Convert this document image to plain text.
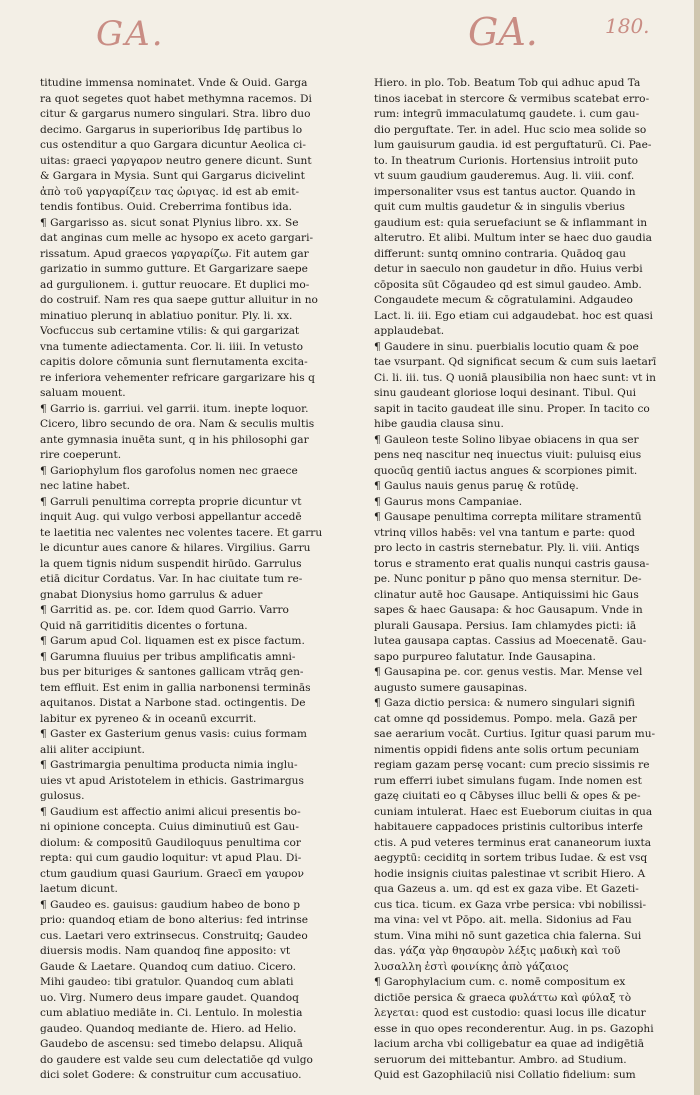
GA.	GA.	180.
titudine immensa nominatet. Vnde & Ouid. Garga
ra quot segetes quot habet methymna racemos. Di
citur & gargarus numero singulari. Stra. libro duo
decimo. Gargarus in superioribus Idę partibus lo
cus ostenditur a quo Gargara dicuntur Aeolica ci-
uitas: graeci γαργαρον neutro genere dicunt. Sunt
& Gargara in Mysia. Sunt qui Gargarus dicivelint
ἀπὸ τοῦ γαργαρίζειν τας ὠριγας. id est ab emit-
tendis fontibus. Ouid. Creberrima fontibus ida.
¶ Gargarisso as. sicut sonat Plynius libro. xx. Se
dat anginas cum melle ac hysopo ex aceto gargari-
rissatum. Apud graecos γαργαρίζω. Fit autem gar
garizatio in summo gutture. Et Gargarizare saepe
ad gurgulionem. i. guttur reuocare. Et duplici mo-
do costruif. Nam res qua saepe guttur alluitur in no
minatiuo plerunq in ablatiuo ponitur. Ply. li. xx.
Vocfuccus sub certamine vtilis: & qui gargarizat
vna tumente adiectamenta. Cor. li. iiii. In vetusto
capitis dolore cōmunia sunt flernutamenta excita-
re inferiora vehementer refricare gargarizare his q
saluam mouent.
¶ Garrio is. garriui. vel garrii. itum. inepte loquor.
Cicero, libro secundo de ora. Nam & seculis multis
ante gymnasia inuēta sunt, q in his philosophi gar
rire coeperunt.
¶ Gariophylum flos garofolus nomen nec graece
nec latine habet.
¶ Garruli penultima correpta proprie dicuntur vt
inquit Aug. qui vulgo verbosi appellantur accedē
te laetitia nec valentes nec volentes tacere. Et garru
le dicuntur aues canore & hilares. Virgilius. Garru
la quem tignis nidum suspendit hirūdo. Garrulus
etiā dicitur Cordatus. Var. In hac ciuitate tum re-
gnabat Dionysius homo garrulus & aduer
¶ Garritid as. pe. cor. Idem quod Garrio. Varro
Quid nā garritiditis dicentes o fortuna.
¶ Garum apud Col. liquamen est ex pisce factum.
¶ Garumna fluuius per tribus amplificatis amni-
bus per bituriges & santones gallicam vtrāq gen-
tem effluit. Est enim in gallia narbonensi terminās
aquitanos. Distat a Narbone stad. octingentis. De
labitur ex pyreneo & in oceanū excurrit.
¶ Gaster ex Gasterium genus vasis: cuius formam
alii aliter accipiunt.
¶ Gastrimargia penultima producta nimia inglu-
uies vt apud Aristotelem in ethicis. Gastrimargus
gulosus.
¶ Gaudium est affectio animi alicui presentis bo-
ni opinione concepta. Cuius diminutiuū est Gau-
diolum: & compositū Gaudiloquus penultima cor
repta: qui cum gaudio loquitur: vt apud Plau. Di-
ctum gaudium quasi Gaurium. Graecī em γαυρον
laetum dicunt.
¶ Gaudeo es. gauisus: gaudium habeo de bono p
prio: quandoq etiam de bono alterius: fed intrinse
cus. Laetari vero extrinsecus. Construitq; Gaudeo
diuersis modis. Nam quandoq fine apposito: vt
Gaude & Laetare. Quandoq cum datiuo. Cicero.
Mihi gaudeo: tibi gratulor. Quandoq cum ablati
uo. Virg. Numero deus impare gaudet. Quandoq
cum ablatiuo mediāte in. Ci. Lentulo. In molestia
gaudeo. Quandoq mediante de. Hiero. ad Helio.
Gaudebo de ascensu: sed timebo delapsu. Aliquā
do gaudere est valde seu cum delectatiōe qd vulgo
dici solet Godere: & construitur cum accusatiuo.
Hiero. in plo. Tob. Beatum Tob qui adhuc apud Ta
tinos iacebat in stercore & vermibus scatebat erro-
rum: integrū immaculatumq gaudete. i. cum gau-
dio perguftate. Ter. in adel. Huc scio mea solide so
lum gauisurum gaudia. id est perguftaturū. Ci. Pae-
to. In theatrum Curionis. Hortensius introiit puto
vt suum gaudium gauderemus. Aug. li. viii. conf.
impersonaliter vsus est tantus auctor. Quando in
quit cum multis gaudetur & in singulis vberius
gaudium est: quia seruefaciunt se & inflammant in
alterutro. Et alibi. Multum inter se haec duo gaudia
differunt: suntq omnino contraria. Quādoq gau
detur in saeculo non gaudetur in dño. Huius verbi
cōposita sūt Cōgaudeo qd est simul gaudeo. Amb.
Congaudete mecum & cōgratulamini. Adgaudeo
Lact. li. iii. Ego etiam cui adgaudebat. hoc est quasi
applaudebat.
¶ Gaudere in sinu. puerbialis locutio quam & poe
tae vsurpant. Qd significat secum & cum suis laetarī
Ci. li. iii. tus. Q uoniā plausibilia non haec sunt: vt in
sinu gaudeant gloriose loqui desinant. Tibul. Qui
sapit in tacito gaudeat ille sinu. Proper. In tacito co
hibe gaudia clausa sinu.
¶ Gauleon teste Solino libyae obiacens in qua ser
pens neq nascitur neq inuectus viuit: puluisq eius
quocūq gentiū iactus angues & scorpiones pimit.
¶ Gaulus nauis genus paruę & rotūdę.
¶ Gaurus mons Campaniae.
¶ Gausape penultima correpta militare stramentū
vtrinq villos habēs: vel vna tantum e parte: quod
pro lecto in castris sternebatur. Ply. li. viii. Antiqs
torus e stramento erat qualis nunqui castris gausa-
pe. Nunc ponitur p pāno quo mensa sternitur. De-
clinatur autē hoc Gausape. Antiquissimi hic Gaus
sapes & haec Gausapa: & hoc Gausapum. Vnde in
plurali Gausapa. Persius. Iam chlamydes picti: iā
lutea gausapa captas. Cassius ad Moecenatē. Gau-
sapo purpureo falutatur. Inde Gausapina.
¶ Gausapina pe. cor. genus vestis. Mar. Mense vel
augusto sumere gausapinas.
¶ Gaza dictio persica: & numero singulari signifi
cat omne qd possidemus. Pompo. mela. Gazā per
sae aerarium vocāt. Curtius. Igitur quasi parum mu-
nimentis oppidi fidens ante solis ortum pecuniam
regiam gazam persę vocant: cum precio sissimis re
rum efferri iubet simulans fugam. Inde nomen est
gazę ciuitati eo q Cābyses illuc belli & opes & pe-
cuniam intulerat. Haec est Eueborum ciuitas in qua
habitauere cappadoces pristinis cultoribus interfe
ctis. A pud veteres terminus erat cananeorum iuxta
aegyptū: ceciditq in sortem tribus Iudae. & est vsq
hodie insignis ciuitas palestinae vt scribit Hiero. A
qua Gazeus a. um. qd est ex gaza vibe. Et Gazeti-
cus tica. ticum. ex Gaza vrbe persica: vbi nobilissi-
ma vina: vel vt Pōpo. ait. mella. Sidonius ad Fau
stum. Vina mihi nō sunt gazetica chia falerna. Sui
das. γάζα γὰρ θησαυρὸν λέξις μαδικὴ καὶ τοῦ
λυσαλλη ἐστὶ φοινίκης ἀπὸ γάζαιος
¶ Garophylacium cum. c. nomē compositum ex
dictiōe persica & graeca φυλάττω καὶ φύλαξ τὸ
λεγεται: quod est custodio: quasi locus ille dicatur
esse in quo opes reconderentur. Aug. in ps. Gazophi
lacium archa vbi colligebatur ea quae ad indigētiā
seruorum dei mittebantur. Ambro. ad Studium.
Quid est Gazophilaciū nisi Collatio fidelium: sum
